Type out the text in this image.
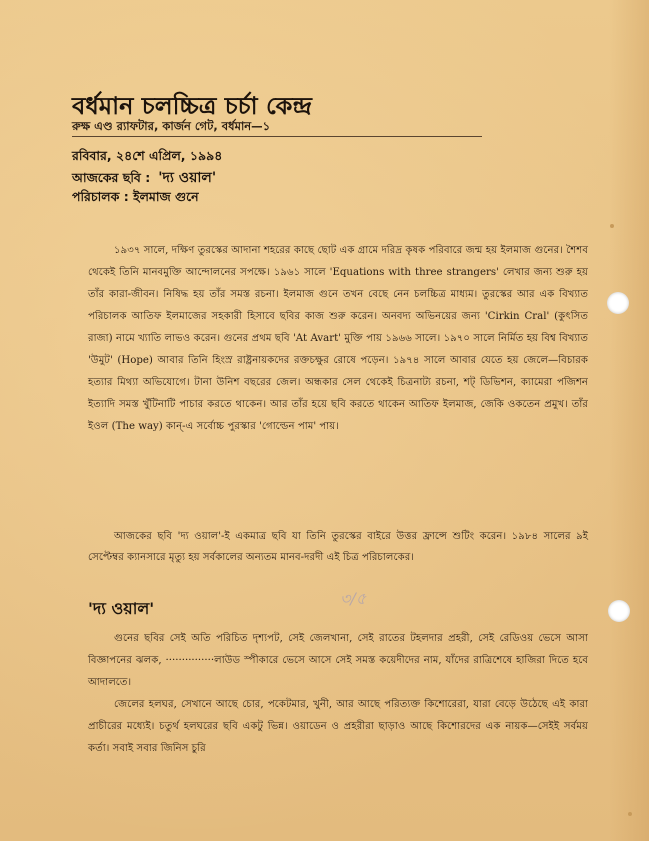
বর্ধমান চলচ্চিত্র চর্চা কেন্দ্র
রুক্ষ এণ্ড র‍্যাফটার, কার্জন গেট, বর্ধমান—১
রবিবার, ২৪শে এপ্রিল, ১৯৯৪
আজকের ছবি : 'দ্য ওয়াল'
পরিচালক : ইলমাজ গুনে

১৯৩৭ সালে, দক্ষিণ তুরস্কের আদানা শহরের কাছে ছোট এক গ্রামে দরিদ্র কৃষক পরিবারে জন্ম হয় ইলমাজ গুনের। শৈশব থেকেই তিনি মানবমুক্তি আন্দোলনের সপক্ষে। ১৯৬১ সালে 'Equations with three strangers' লেখার জন্য শুরু হয় তাঁর কারা-জীবন। নিষিদ্ধ হয় তাঁর সমস্ত রচনা। ইলমাজ গুনে তখন বেছে নেন চলচ্চিত্র মাধ্যম। তুরস্কের আর এক বিখ্যাত পরিচালক আতিফ ইলমাজের সহকারী হিসাবে ছবির কাজ শুরু করেন। অনবদ্য অভিনয়ের জন্য 'Cirkin Cral' (কুৎসিত রাজা) নামে খ্যাতি লাভও করেন। গুনের প্রথম ছবি 'At Avart' মুক্তি পায় ১৯৬৬ সালে। ১৯৭০ সালে নির্মিত হয় বিশ্ব বিখ্যাত 'উমুট' (Hope) আবার তিনি হিংস্র রাষ্ট্রনায়কদের রক্তচক্ষুর রোষে পড়েন। ১৯৭৪ সালে আবার যেতে হয় জেলে—বিচারক হত্যার মিথ্যা অভিযোগে। টানা উনিশ বছরের জেল। অন্ধকার সেল থেকেই চিত্রনাট্য রচনা, শট্ ডিভিশন, ক্যামেরা পজিশন ইত্যাদি সমস্ত খুঁটিনাটি পাচার করতে থাকেন। আর তাঁর হয়ে ছবি করতে থাকেন আতিফ ইলমাজ, জেকি ওকতেন প্রমুখ। তাঁর ইওল (The way) কান্-এ সর্বোচ্চ পুরস্কার 'গোল্ডেন পাম' পায়।

আজকের ছবি 'দ্য ওয়াল'-ই একমাত্র ছবি যা তিনি তুরস্কের বাইরে উত্তর ফ্রান্সে শুটিং করেন। ১৯৮৪ সালের ৯ই সেপ্টেম্বর ক্যানসারে মৃত্যু হয় সর্বকালের অন্যতম মানব-দরদী এই চিত্র পরিচালকের।

৩/৫
'দ্য ওয়াল'

গুনের ছবির সেই অতি পরিচিত দৃশ্যপট, সেই জেলখানা, সেই রাতের টহলদার প্রহরী, সেই রেডিওয় ভেসে আসা বিজ্ঞাপনের ঝলক, ···············লাউড স্পীকারে ভেসে আসে সেই সমস্ত কয়েদীদের নাম, যাঁদের রাত্রিশেষে হাজিরা দিতে হবে আদালতে।

জেলের হলঘর, সেখানে আছে চোর, পকেটমার, খুনী, আর আছে পরিত্যক্ত কিশোরেরা, যারা বেড়ে উঠেছে এই কারা প্রাচীরের মধ্যেই। চতুর্থ হলঘরের ছবি একটু ভিন্ন। ওয়াডেন ও প্রহরীরা ছাড়াও আছে কিশোরদের এক নায়ক—সেইই সর্বময় কর্তা। সবাই সবার জিনিস চুরি
